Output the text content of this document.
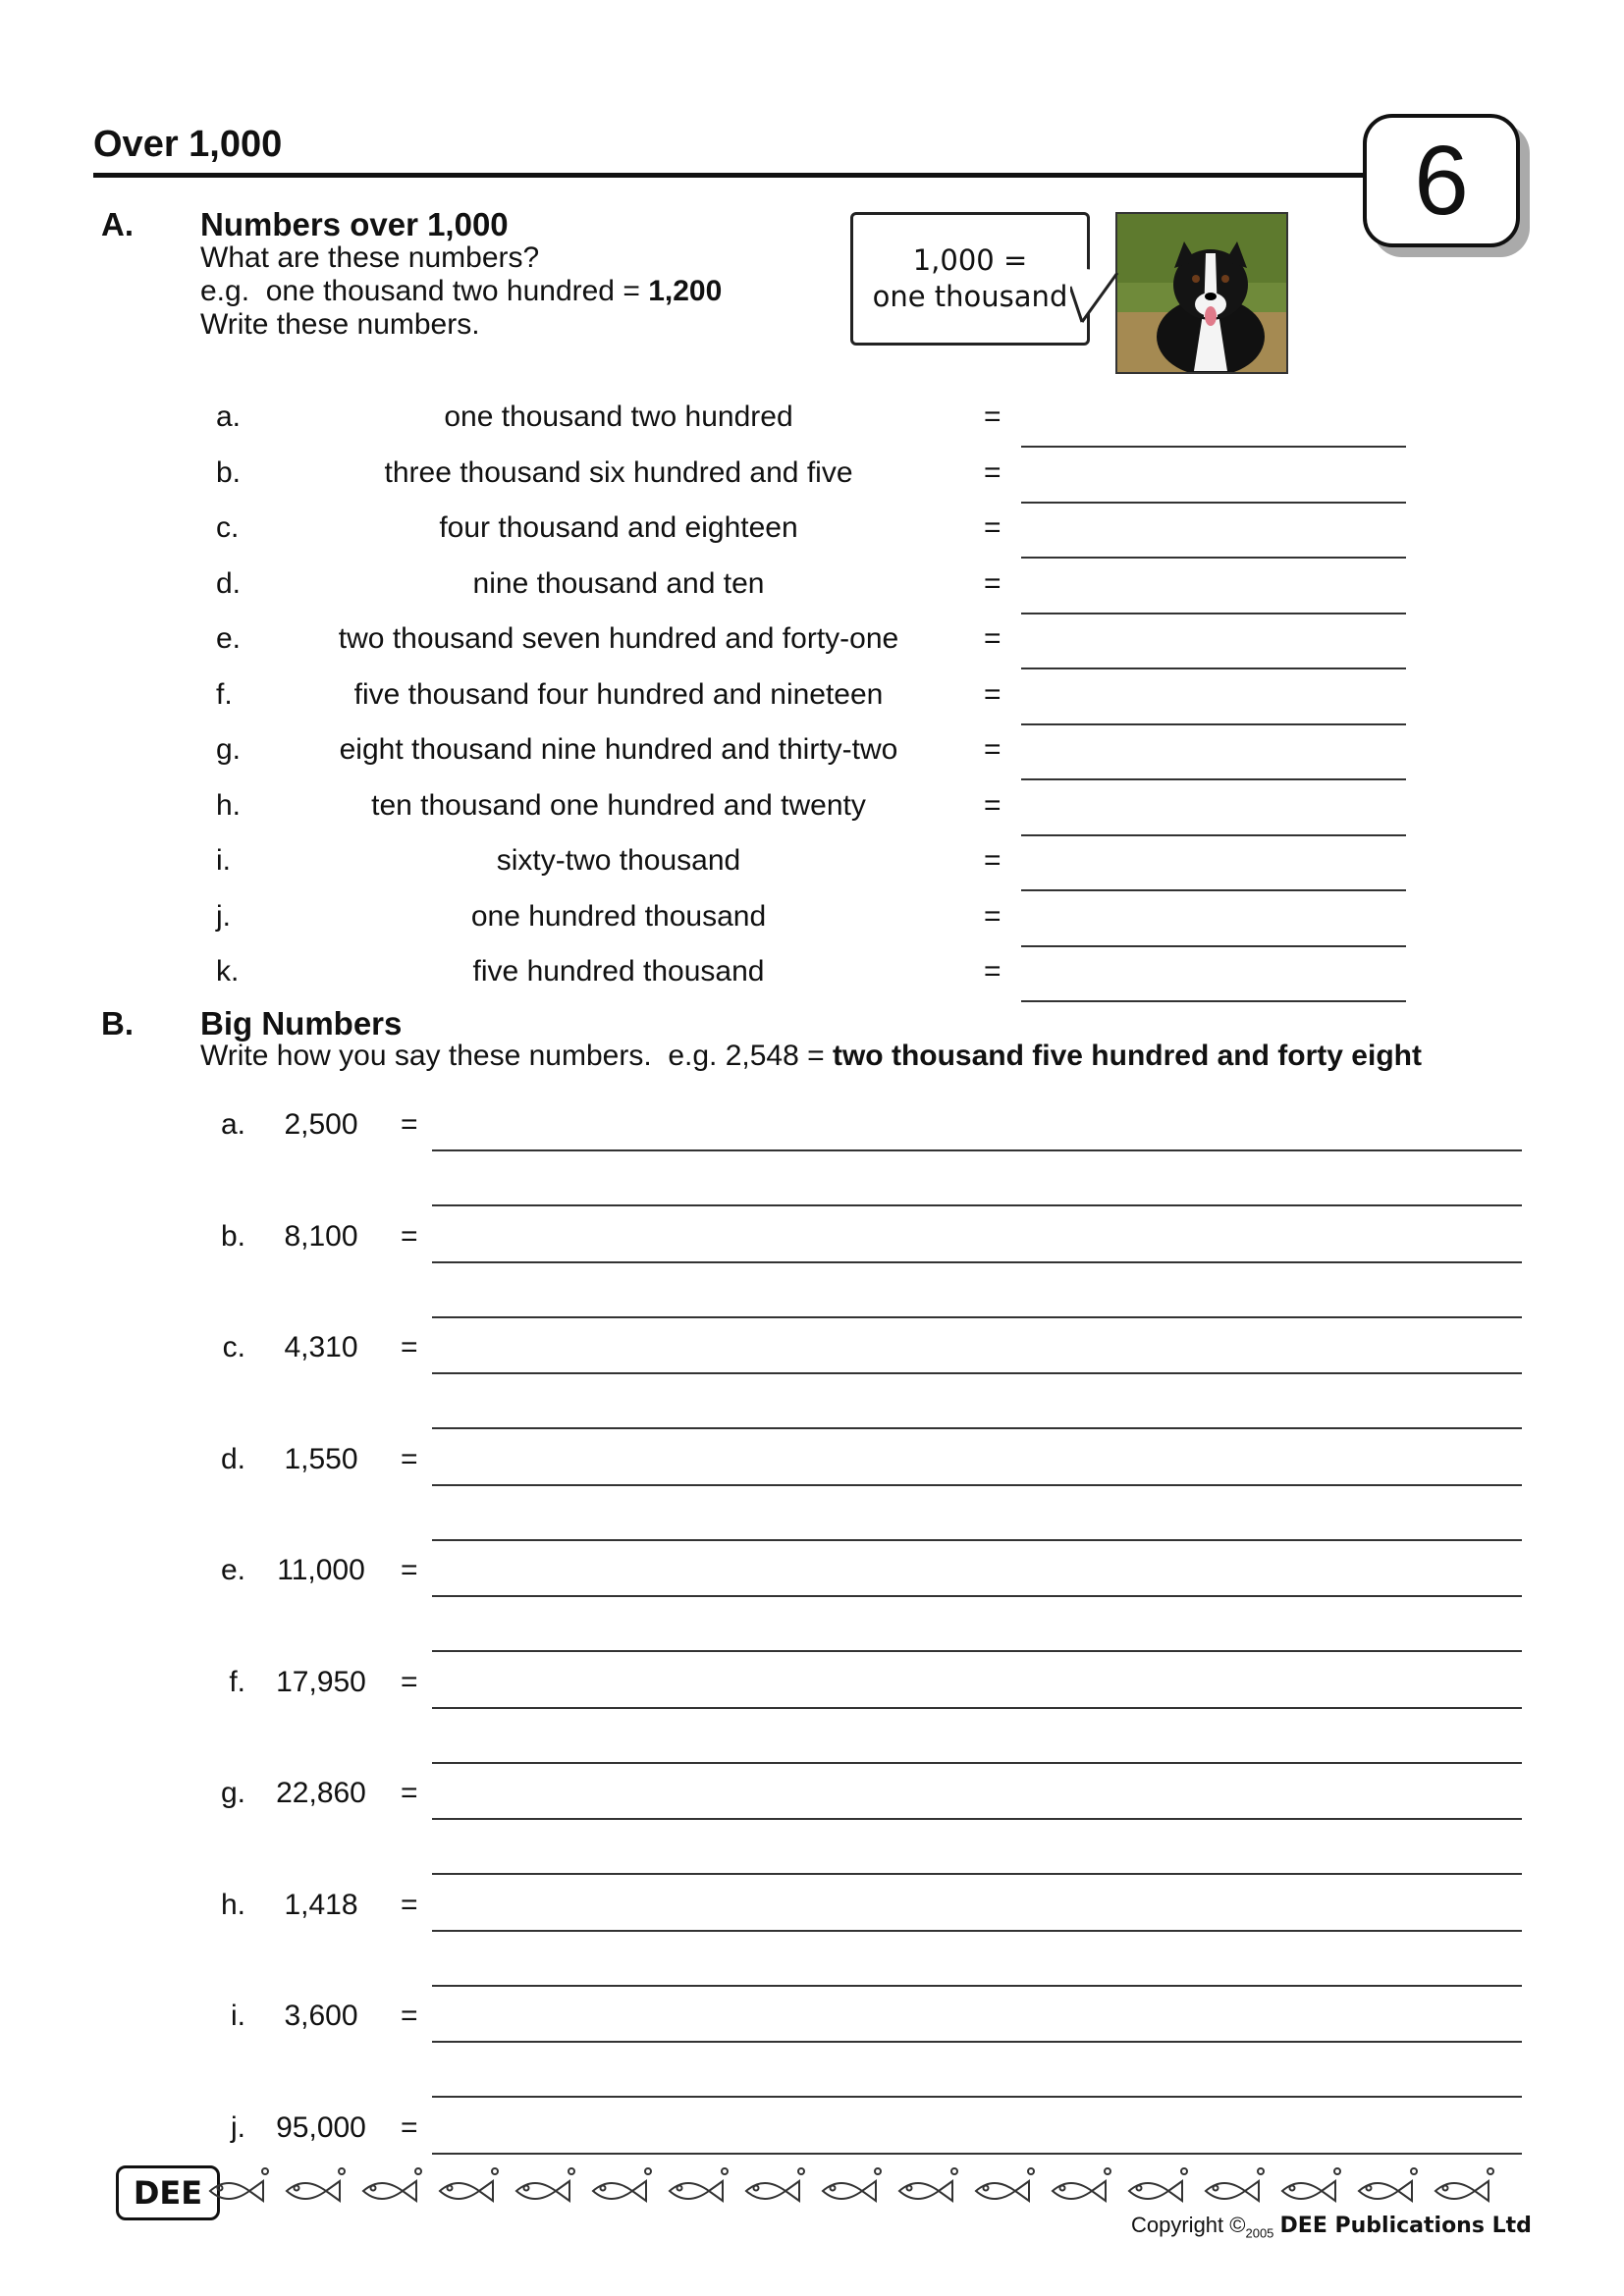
Over 1,000	6
A. Numbers over 1,000
What are these numbers?
e.g.  one thousand two hundred = 1,200
Write these numbers.
1,000 =
one thousand
a.	one thousand two hundred	=
b.	three thousand six hundred and five	=
c.	four thousand and eighteen	=
d.	nine thousand and ten	=
e.	two thousand seven hundred and forty-one	=
f.	five thousand four hundred and nineteen	=
g.	eight thousand nine hundred and thirty-two	=
h.	ten thousand one hundred and twenty	=
i.	sixty-two thousand	=
j.	one hundred thousand	=
k.	five hundred thousand	=
B. Big Numbers
Write how you say these numbers.  e.g. 2,548 = two thousand five hundred and forty eight
a.	2,500	=
b.	8,100	=
c.	4,310	=
d.	1,550	=
e.	11,000	=
f.	17,950	=
g.	22,860	=
h.	1,418	=
i.	3,600	=
j.	95,000	=
DEE
Copyright $©_{2005}$ DEE Publications Ltd
